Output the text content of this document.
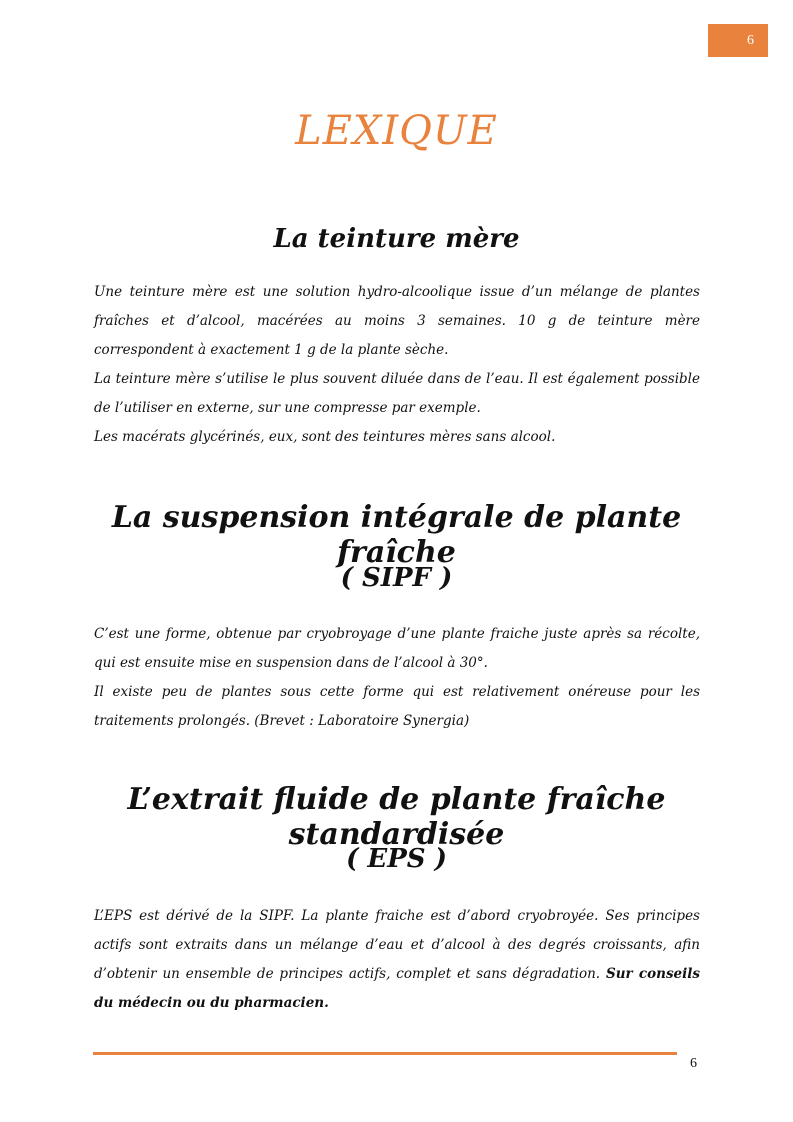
6
LEXIQUE
La teinture mère

Une teinture mère est une solution hydro-alcoolique issue d’un mélange de plantes fraîches et d’alcool, macérées au moins 3 semaines. 10 g de teinture mère correspondent à exactement 1 g de la plante sèche.

La teinture mère s’utilise le plus souvent diluée dans de l’eau. Il est également possible de l’utiliser en externe, sur une compresse par exemple.

Les macérats glycérinés, eux, sont des teintures mères sans alcool.

La suspension intégrale de plante fraîche
( SIPF )

C’est une forme, obtenue par cryobroyage d’une plante fraiche juste après sa récolte, qui est ensuite mise en suspension dans de l’alcool à 30°.

Il existe peu de plantes sous cette forme qui est relativement onéreuse pour les traitements prolongés. (Brevet : Laboratoire Synergia)

L’extrait fluide de plante fraîche standardisée
( EPS )

L’EPS est dérivé de la SIPF. La plante fraiche est d’abord cryobroyée. Ses principes actifs sont extraits dans un mélange d’eau et d’alcool à des degrés croissants, afin d’obtenir un ensemble de principes actifs, complet et sans dégradation. Sur conseils du médecin ou du pharmacien.

6
